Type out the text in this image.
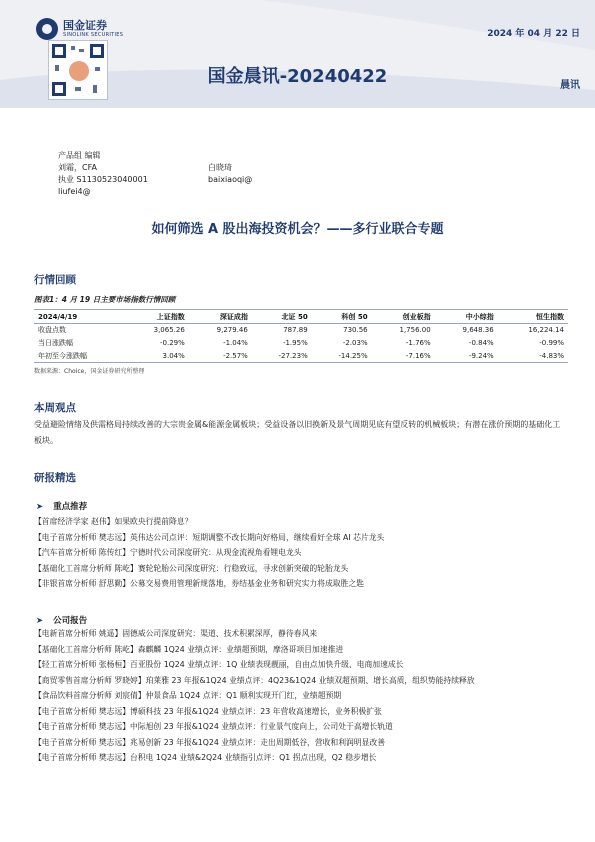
国金证券
SINOLINK SECURITIES	2024 年 04 月 22 日
国金晨讯-20240422	晨讯
产品组 编辑
刘霜，CFA
执业 S1130523040001
liufei4@
白晓琦
baixiaoqi@
如何筛选 A 股出海投资机会？——多行业联合专题
行情回顾
图表1：4 月 19 日主要市场指数行情回顾
2024/4/19	上证指数	深证成指	北证 50	科创 50	创业板指	中小综指	恒生指数
收盘点数	3,065.26	9,279.46	787.89	730.56	1,756.00	9,648.36	16,224.14
当日涨跌幅	-0.29%	-1.04%	-1.95%	-2.03%	-1.76%	-0.84%	-0.99%
年初至今涨跌幅	3.04%	-2.57%	-27.23%	-14.25%	-7.16%	-9.24%	-4.83%
数据来源：Choice，国金证券研究所整理
本周观点
受益避险情绪及供需格局持续改善的大宗贵金属&能源金属板块；受益设备以旧换新及景气周期见底有望反转的机械板块；有潜在涨价预期的基础化工板块。
研报精选
➤ 重点推荐
【首席经济学家 赵伟】如果欧央行提前降息？
【电子首席分析师 樊志远】英伟达公司点评：短期调整不改长期向好格局，继续看好全球 AI 芯片龙头
【汽车首席分析师 陈传红】宁德时代公司深度研究：从现金流视角看锂电龙头
【基础化工首席分析师 陈屹】赛轮轮胎公司深度研究：行稳致远，寻求创新突破的轮胎龙头
【非银首席分析师 舒思勤】公募交易费用管理新规落地，券结基金业务和研究实力将成取胜之匙
➤ 公司报告
【电新首席分析师 姚遥】固德威公司深度研究：渠道、技术积累深厚，静待春风来
【基础化工首席分析师 陈屹】森麒麟 1Q24 业绩点评：业绩超预期，摩洛哥项目加速推进
【轻工首席分析师 张杨桓】百亚股份 1Q24 业绩点评：1Q 业绩表现靓丽，自由点加快升级、电商加速成长
【商贸零售首席分析师 罗晓婷】珀莱雅 23 年报&1Q24 业绩点评：4Q23&1Q24 业绩双超预期、增长高质，组织势能持续释放
【食品饮料首席分析师 刘宸倩】仲景食品 1Q24 点评：Q1 顺利实现开门红，业绩超预期
【电子首席分析师 樊志远】博硕科技 23 年报&1Q24 业绩点评：23 年营收高速增长，业务积极扩张
【电子首席分析师 樊志远】中际旭创 23 年报&1Q24 业绩点评：行业景气度向上，公司处于高增长轨道
【电子首席分析师 樊志远】兆易创新 23 年报&1Q24 业绩点评：走出周期低谷，营收和利润明显改善
【电子首席分析师 樊志远】台积电 1Q24 业绩&2Q24 业绩指引点评：Q1 拐点出现，Q2 稳步增长
